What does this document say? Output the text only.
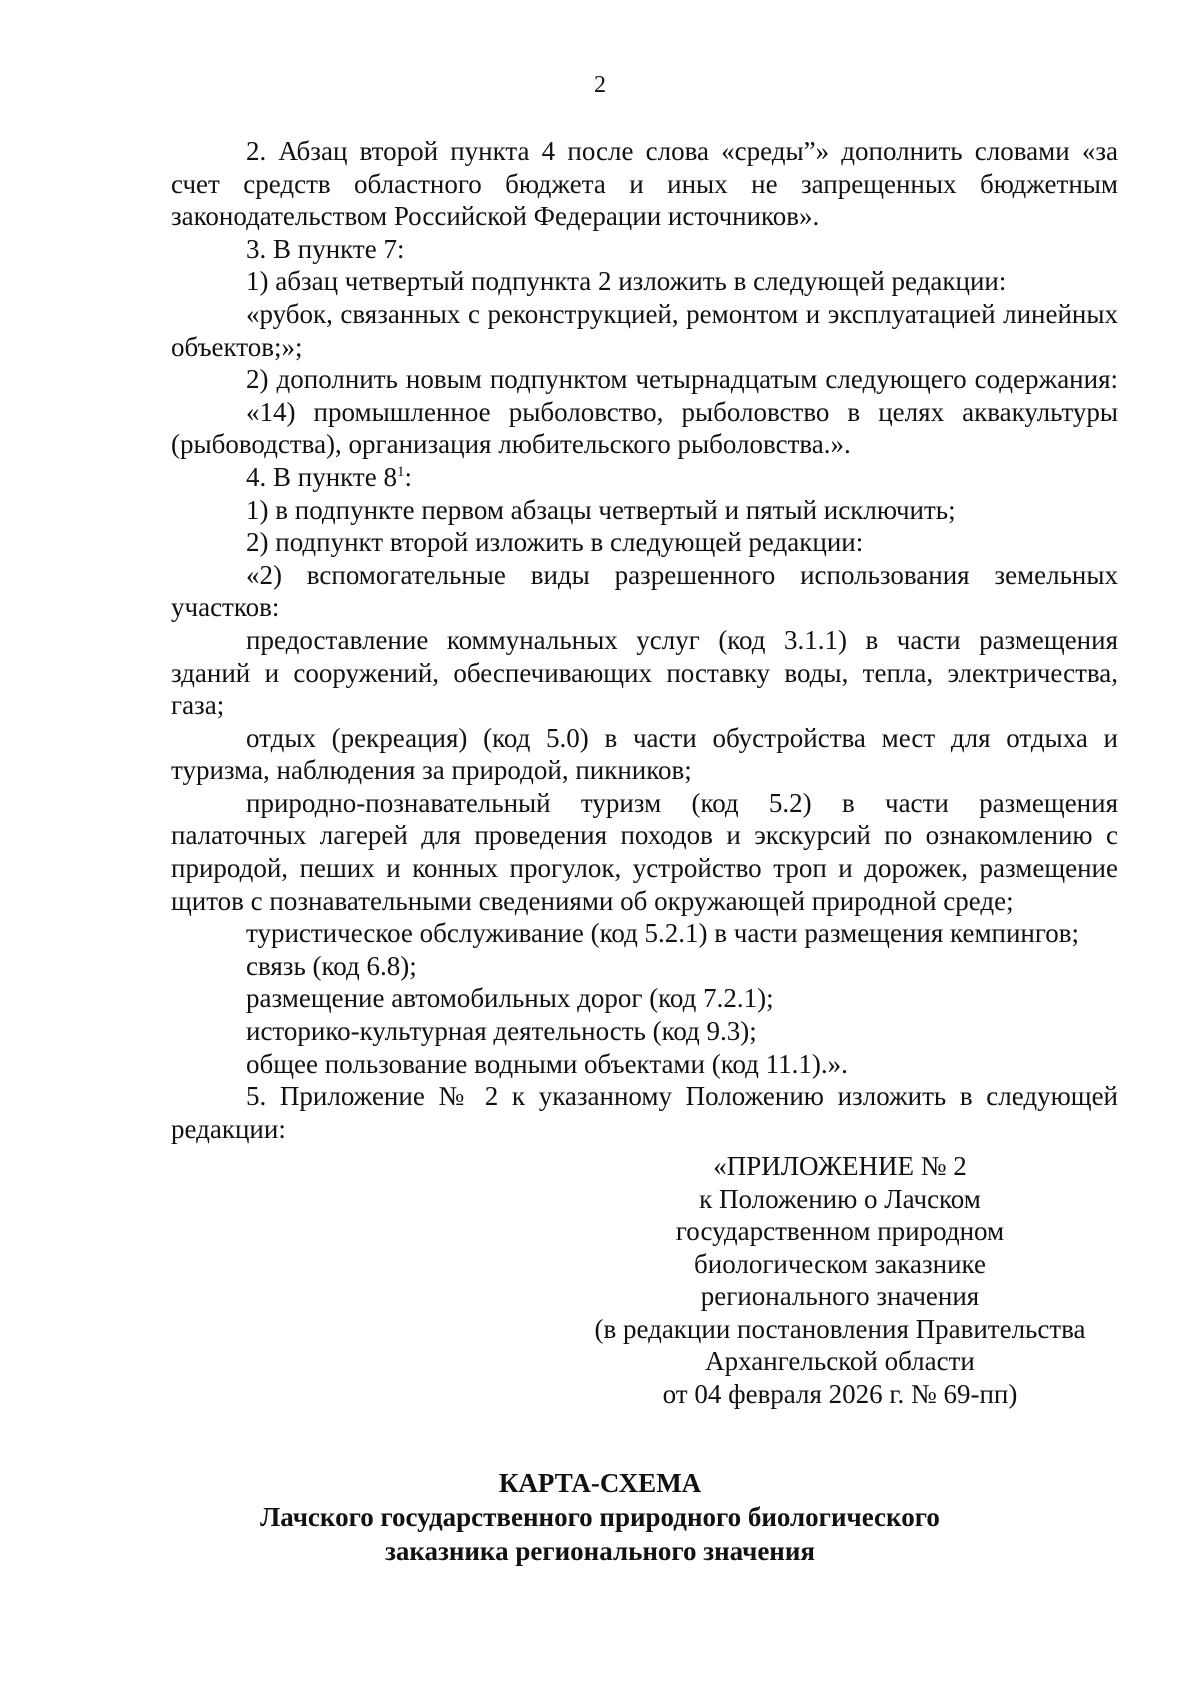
2

2. Абзац второй пункта 4 после слова «среды”» дополнить словами «за счет средств областного бюджета и иных не запрещенных бюджетным законодательством Российской Федерации источников».

3. В пункте 7:

1) абзац четвертый подпункта 2 изложить в следующей редакции:

«рубок, связанных с реконструкцией, ремонтом и эксплуатацией линейных объектов;»;

2) дополнить новым подпунктом четырнадцатым следующего содержания:

«14) промышленное рыболовство, рыболовство в целях аквакультуры (рыбоводства), организация любительского рыболовства.».

4. В пункте $8^1$:

1) в подпункте первом абзацы четвертый и пятый исключить;

2) подпункт второй изложить в следующей редакции:

«2) вспомогательные виды разрешенного использования земельных участков:

предоставление коммунальных услуг (код 3.1.1) в части размещения зданий и сооружений, обеспечивающих поставку воды, тепла, электричества, газа;

отдых (рекреация) (код 5.0) в части обустройства мест для отдыха и туризма, наблюдения за природой, пикников;

природно-познавательный туризм (код 5.2) в части размещения палаточных лагерей для проведения походов и экскурсий по ознакомлению с природой, пеших и конных прогулок, устройство троп и дорожек, размещение щитов с познавательными сведениями об окружающей природной среде;

туристическое обслуживание (код 5.2.1) в части размещения кемпингов;

связь (код 6.8);

размещение автомобильных дорог (код 7.2.1);

историко-культурная деятельность (код 9.3);

общее пользование водными объектами (код 11.1).».

5. Приложение № 2 к указанному Положению изложить в следующей редакции:

«ПРИЛОЖЕНИЕ № 2
к Положению о Лачском
государственном природном
биологическом заказнике
регионального значения
(в редакции постановления Правительства
Архангельской области
от 04 февраля 2026 г. № 69-пп)
КАРТА-СХЕМА
Лачского государственного природного биологического
заказника регионального значения
